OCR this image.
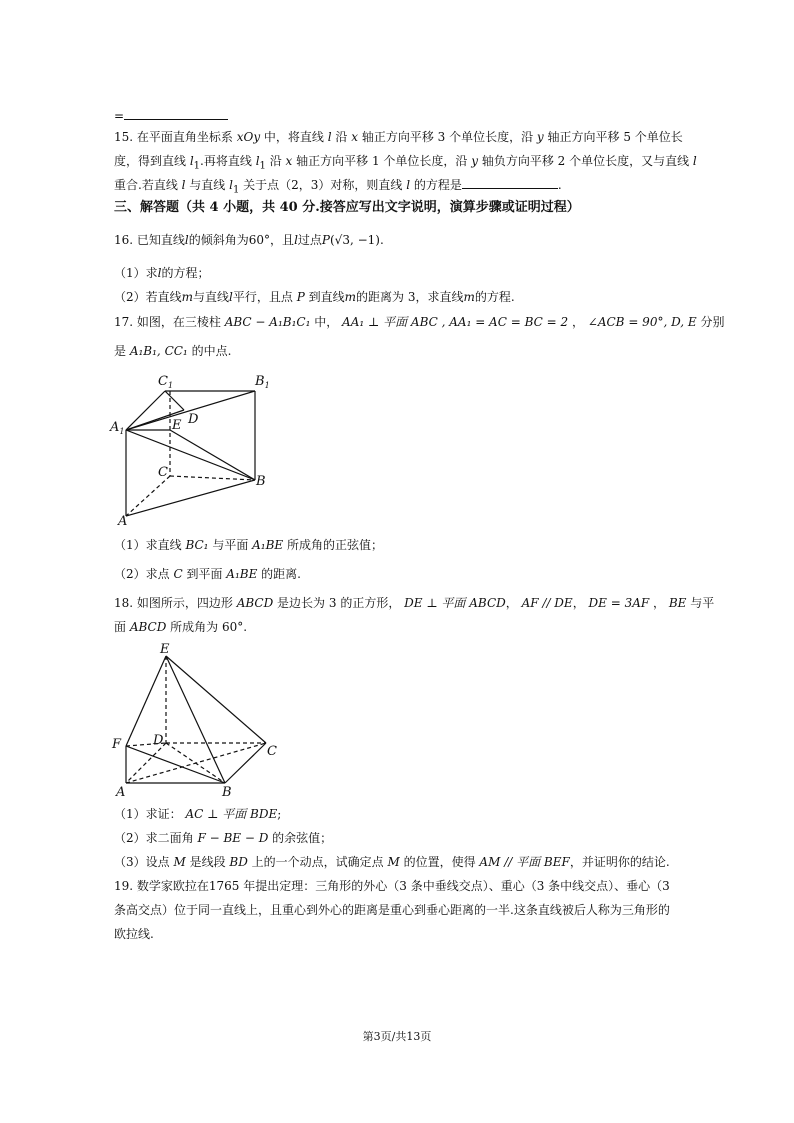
=
15. 在平面直角坐标系 xOy 中，将直线 l 沿 x 轴正方向平移 3 个单位长度，沿 y 轴正方向平移 5 个单位长
度，得到直线 $l_1$.再将直线 $l_1$ 沿 x 轴正方向平移 1 个单位长度，沿 y 轴负方向平移 2 个单位长度，又与直线 l
重合.若直线 l 与直线 $l_1$ 关于点（2，3）对称，则直线 l 的方程是	.
三、解答题（共 4 小题，共 40 分.接答应写出文字说明，演算步骤或证明过程）
16. 已知直线l的倾斜角为60°，且l过点P(√3, −1).
（1）求l的方程；
（2）若直线m与直线l平行，且点 P 到直线m的距离为 3，求直线m的方程.
17. 如图，在三棱柱 ABC − A₁B₁C₁ 中， AA₁ ⊥ 平面 ABC , AA₁ = AC = BC = 2 ， ∠ACB = 90°, D, E 分别
是 A₁B₁, CC₁ 的中点.
$C_1$	$B_1$
$A_1$
D
E
C
B
A
（1）求直线 BC₁ 与平面 A₁BE 所成角的正弦值；
（2）求点 C 到平面 A₁BE 的距离.
18. 如图所示，四边形 ABCD 是边长为 3 的正方形， DE ⊥ 平面 ABCD， AF // DE， DE = 3AF ， BE 与平
面 ABCD 所成角为 60°.
E
F D
C
A	B
（1）求证： AC ⊥ 平面 BDE;
（2）求二面角 F − BE − D 的余弦值；
（3）设点 M 是线段 BD 上的一个动点，试确定点 M 的位置，使得 AM // 平面 BEF，并证明你的结论.
19. 数学家欧拉在1765 年提出定理：三角形的外心（3 条中垂线交点）、重心（3 条中线交点）、垂心（3
条高交点）位于同一直线上，且重心到外心的距离是重心到垂心距离的一半.这条直线被后人称为三角形的
欧拉线.
第3页/共13页
